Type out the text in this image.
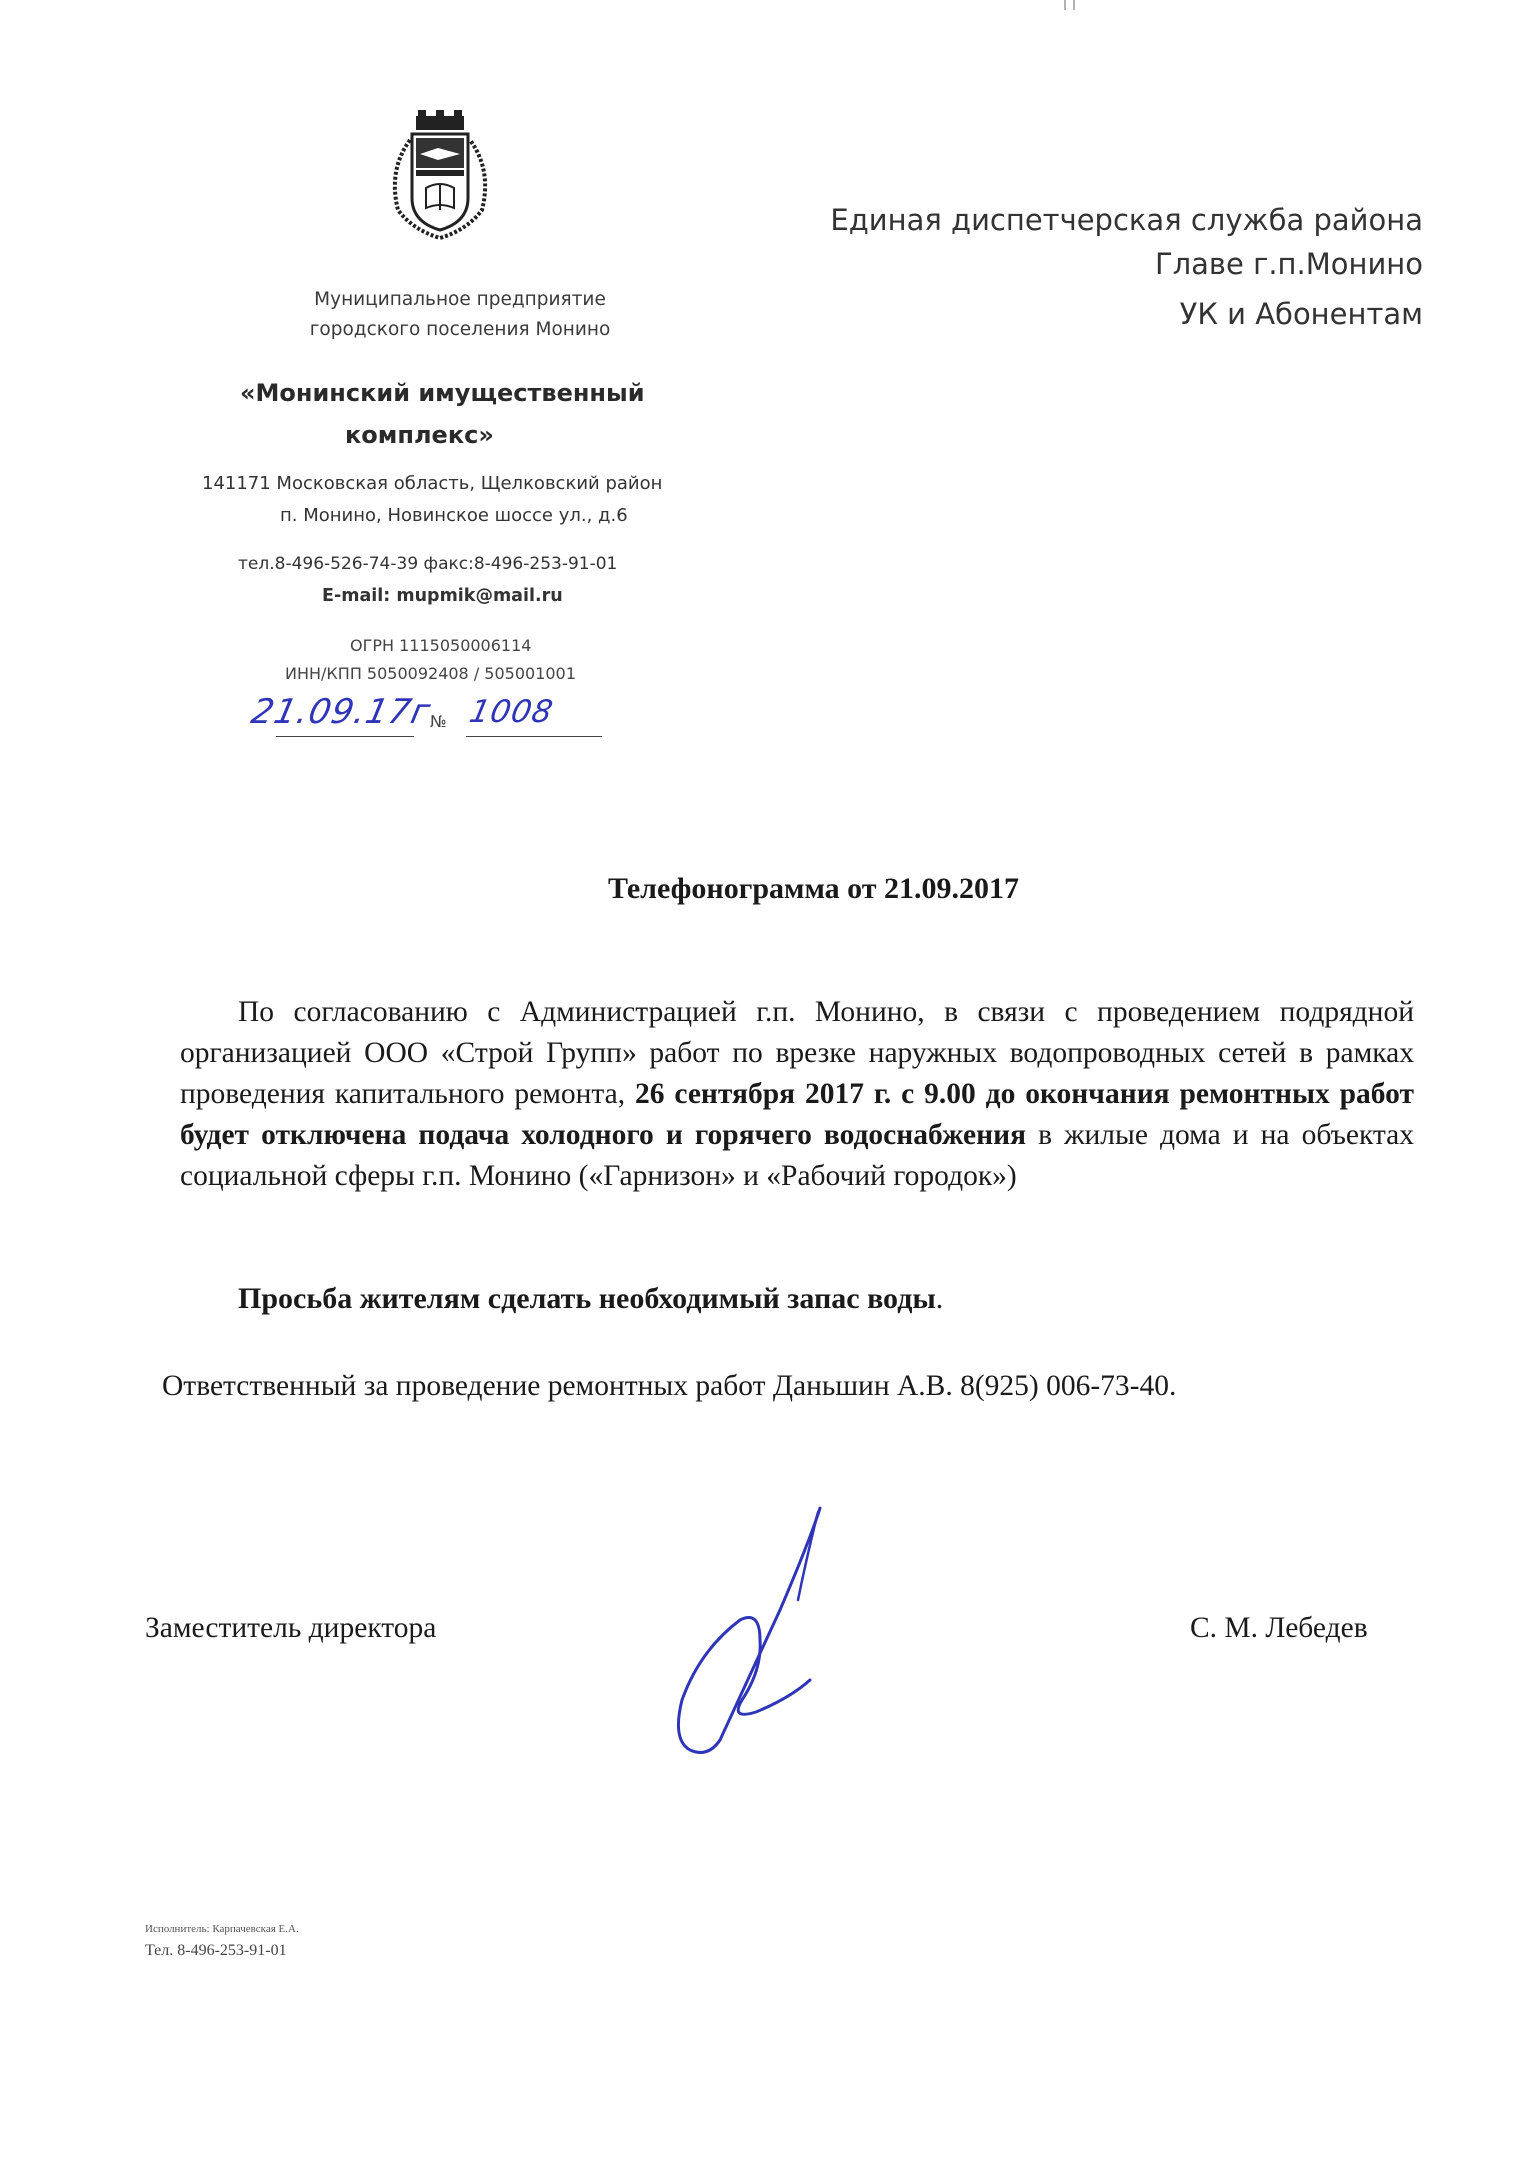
Муниципальное предприятие
городского поселения Монино
«Монинский имущественный
комплекс»
141171 Московская область, Щелковский район
п. Монино, Новинское шоссе ул., д.6
тел.8-496-526-74-39 факс:8-496-253-91-01
E-mail: mupmik@mail.ru
ОГРН 1115050006114
ИНН/КПП 5050092408 / 505001001
21.09.17г
№ 1008
Единая диспетчерская служба района
Главе г.п.Монино
УК и Абонентам
Телефонограмма от 21.09.2017
По согласованию с Администрацией г.п. Монино, в связи с проведением подрядной организацией ООО «Строй Групп» работ по врезке наружных водопроводных сетей в рамках проведения капитального ремонта, 26 сентября 2017 г. с 9.00 до окончания ремонтных работ будет отключена подача холодного и горячего водоснабжения в жилые дома и на объектах социальной сферы г.п. Монино («Гарнизон» и «Рабочий городок»)
Просьба жителям сделать необходимый запас воды.
Ответственный за проведение ремонтных работ Даньшин А.В. 8(925) 006-73-40.
Заместитель директора	С. М. Лебедев
Исполнитель: Карпачевская Е.А.
Тел. 8-496-253-91-01
